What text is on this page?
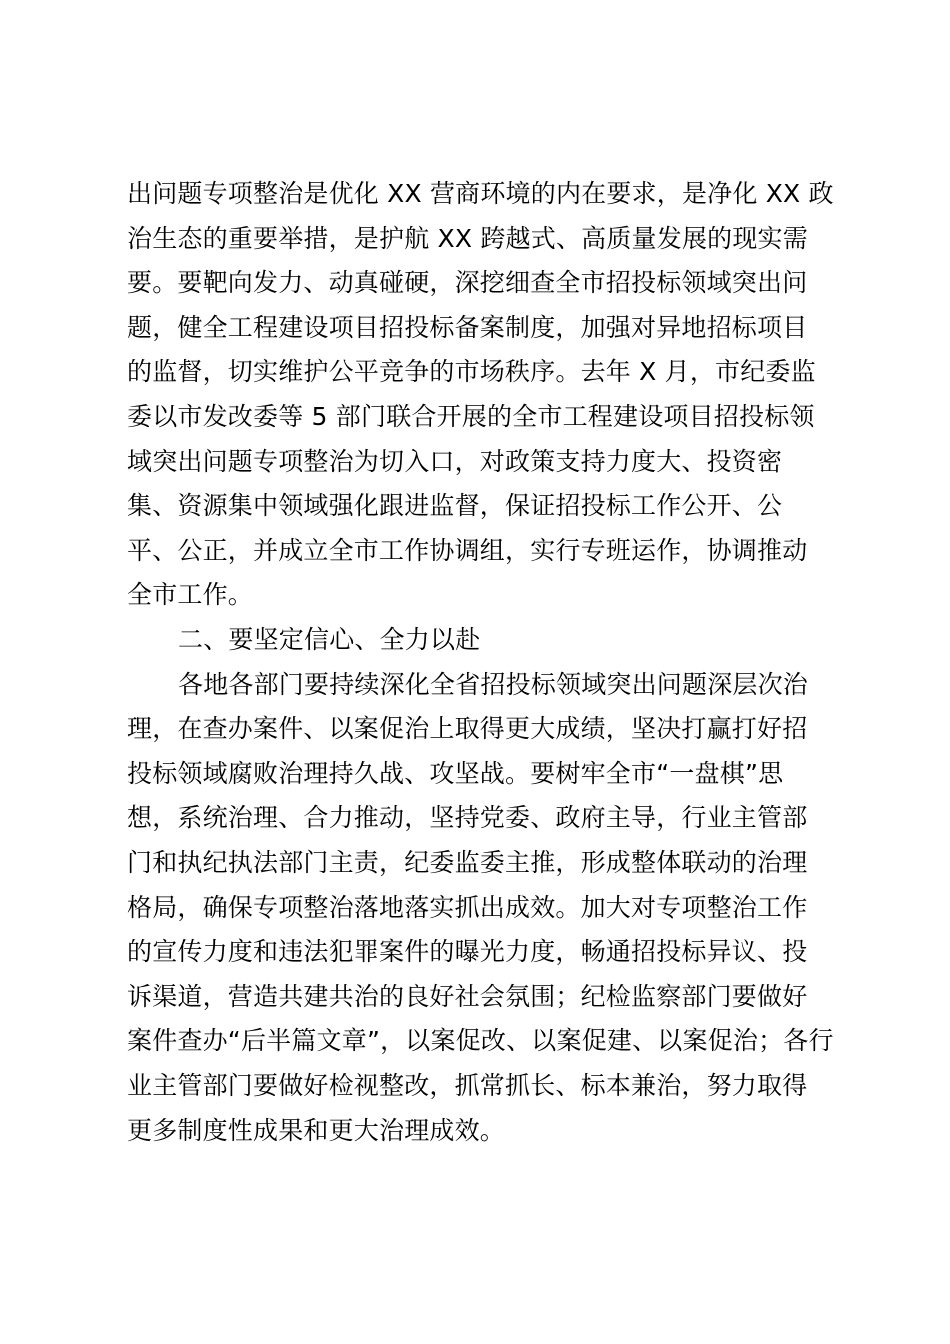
出问题专项整治是优化 XX 营商环境的内在要求，是净化 XX 政
治生态的重要举措，是护航 XX 跨越式、高质量发展的现实需
要。要靶向发力、动真碰硬，深挖细查全市招投标领域突出问
题，健全工程建设项目招投标备案制度，加强对异地招标项目
的监督，切实维护公平竞争的市场秩序。去年 X 月，市纪委监
委以市发改委等 5 部门联合开展的全市工程建设项目招投标领
域突出问题专项整治为切入口，对政策支持力度大、投资密
集、资源集中领域强化跟进监督，保证招投标工作公开、公
平、公正，并成立全市工作协调组，实行专班运作，协调推动
全市工作。
二、要坚定信心、全力以赴
各地各部门要持续深化全省招投标领域突出问题深层次治
理，在查办案件、以案促治上取得更大成绩，坚决打赢打好招
投标领域腐败治理持久战、攻坚战。要树牢全市“一盘棋”思
想，系统治理、合力推动，坚持党委、政府主导，行业主管部
门和执纪执法部门主责，纪委监委主推，形成整体联动的治理
格局，确保专项整治落地落实抓出成效。加大对专项整治工作
的宣传力度和违法犯罪案件的曝光力度，畅通招投标异议、投
诉渠道，营造共建共治的良好社会氛围；纪检监察部门要做好
案件查办“后半篇文章”，以案促改、以案促建、以案促治；各行
业主管部门要做好检视整改，抓常抓长、标本兼治，努力取得
更多制度性成果和更大治理成效。
